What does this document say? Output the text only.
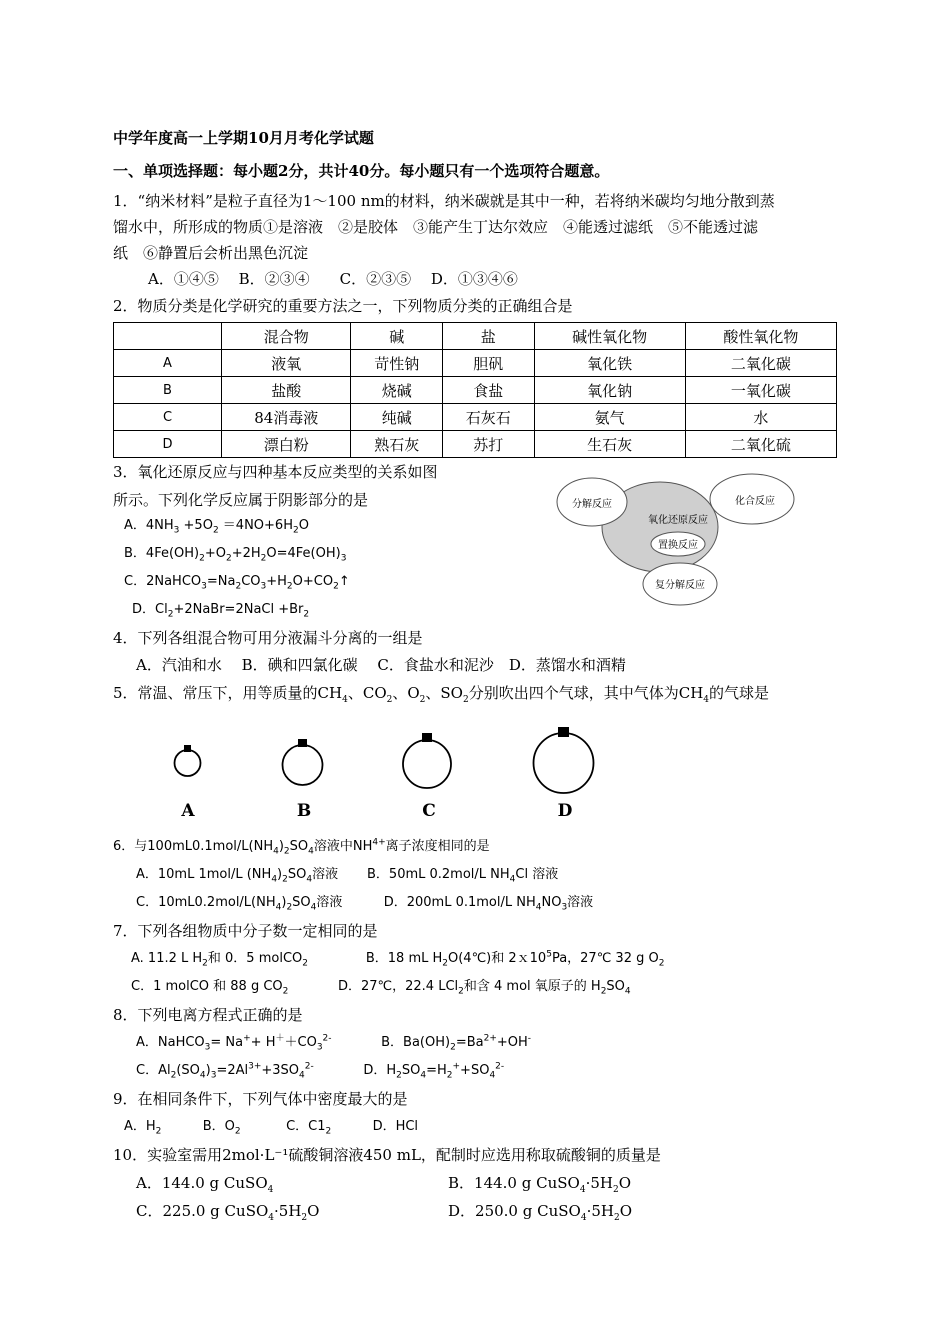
中学年度高一上学期10月月考化学试题
一、单项选择题：每小题2分，共计40分。每小题只有一个选项符合题意。
1．“纳米材料”是粒子直径为1～100 nm的材料，纳米碳就是其中一种，若将纳米碳均匀地分散到蒸
馏水中，所形成的物质①是溶液　②是胶体　③能产生丁达尔效应　④能透过滤纸　⑤不能透过滤
纸　⑥静置后会析出黑色沉淀
A．①④⑤　 B．②③④　　C．②③⑤　 D．①③④⑥
2．物质分类是化学研究的重要方法之一，下列物质分类的正确组合是
	混合物	碱	盐	碱性氧化物	酸性氧化物
A	液氧	苛性钠	胆矾	氧化铁	二氧化碳
B	盐酸	烧碱	食盐	氧化钠	一氧化碳
C	84消毒液	纯碱	石灰石	氨气	水
D	漂白粉	熟石灰	苏打	生石灰	二氧化硫
3．氧化还原反应与四种基本反应类型的关系如图
所示。下列化学反应属于阴影部分的是
A．$4NH_3 +5O_2 =4NO+6H_2O$
B．$4Fe(OH)_2+O_2+2H_2O=4Fe(OH)_3$
C．$2NaHCO_3=Na_2CO_3+H_2O+CO_2↑$
D．$Cl_2+2NaBr=2NaCl +Br_2$
分解反应	化合反应
氧化还原反应
置换反应
复分解反应
4．下列各组混合物可用分液漏斗分离的一组是
A．汽油和水　 B．碘和四氯化碳　 C．食盐水和泥沙　D．蒸馏水和酒精
5．常温、常压下，用等质量的$CH_4$、$CO_2$、$O_2$、$SO_2$分别吹出四个气球，其中气体为$CH_4$的气球是
A	B	C	D
6．与$100mL0.1mol/L(NH_4)_2SO_4$溶液中$NH^{4+}$离子浓度相同的是
A．10mL 1mol/L $(NH_4)_2SO_4$溶液       B．50mL 0.2mol/L $NH_4Cl$ 溶液
C．$10mL0.2mol/L(NH_4)_2SO_4$溶液          D．200mL 0.1mol/L $NH_4NO_3$溶液
7．下列各组物质中分子数一定相同的是
A. 11.2 L $H_2$和 0．5 molCO$_2$              B．18 mL $H_2O(4℃)$和 $2x10^5Pa$，27℃ 32 g $O_2$
C．1 molCO 和 88 g $CO_2$            D．27℃，22.4 LCl$_2$和含 4 mol 氧原子的 $H_2SO_4$
8．下列电离方程式正确的是
A．NaHCO$_3$= $Na^++ H^++CO_3^{2-}$            B．$Ba(OH)_2=Ba^{2+}+OH^-$
C．$Al_2(SO_4)_3=2Al^{3+}+3SO_4^{2-}$            D．$H_2SO_4=H_2^++SO_4^{2-}$
9．在相同条件下，下列气体中密度最大的是
A．$H_2$          B．$O_2$           C．$C1_2$          D．HCl
10．实验室需用2mol·L⁻¹硫酸铜溶液450 mL，配制时应选用称取硫酸铜的质量是
A．144.0 g CuSO$_4$	B．144.0 g $CuSO_4\cdot 5H_2O$
C．225.0 g $CuSO_4\cdot 5H_2O$	D．250.0 g $CuSO_4\cdot 5H_2O$
